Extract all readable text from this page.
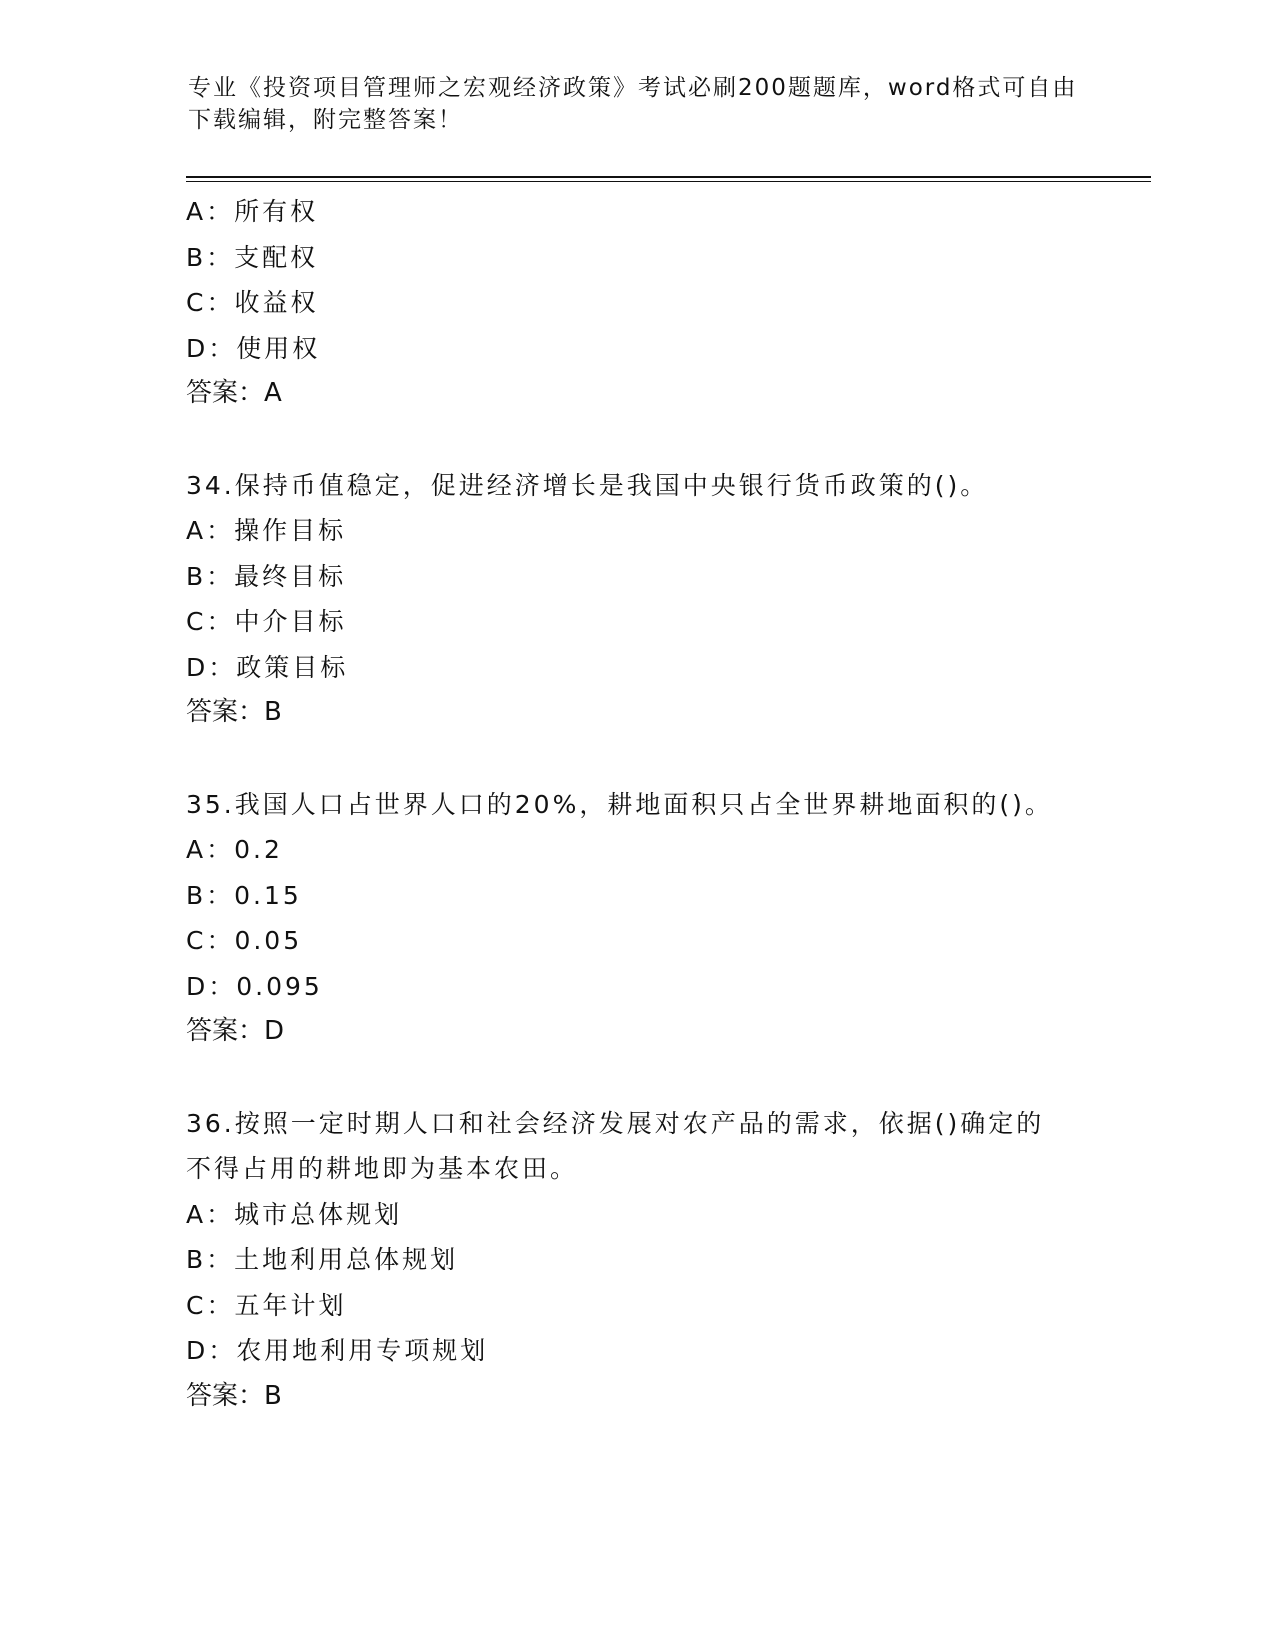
专业《投资项目管理师之宏观经济政策》考试必刷200题题库，word格式可自由
下载编辑，附完整答案！
A：所有权
B：支配权
C：收益权
D：使用权
答案：A
34.保持币值稳定，促进经济增长是我国中央银行货币政策的()。
A：操作目标
B：最终目标
C：中介目标
D：政策目标
答案：B
35.我国人口占世界人口的20%，耕地面积只占全世界耕地面积的()。
A：0.2
B：0.15
C：0.05
D：0.095
答案：D
36.按照一定时期人口和社会经济发展对农产品的需求，依据()确定的
不得占用的耕地即为基本农田。
A：城市总体规划
B：土地利用总体规划
C：五年计划
D：农用地利用专项规划
答案：B
